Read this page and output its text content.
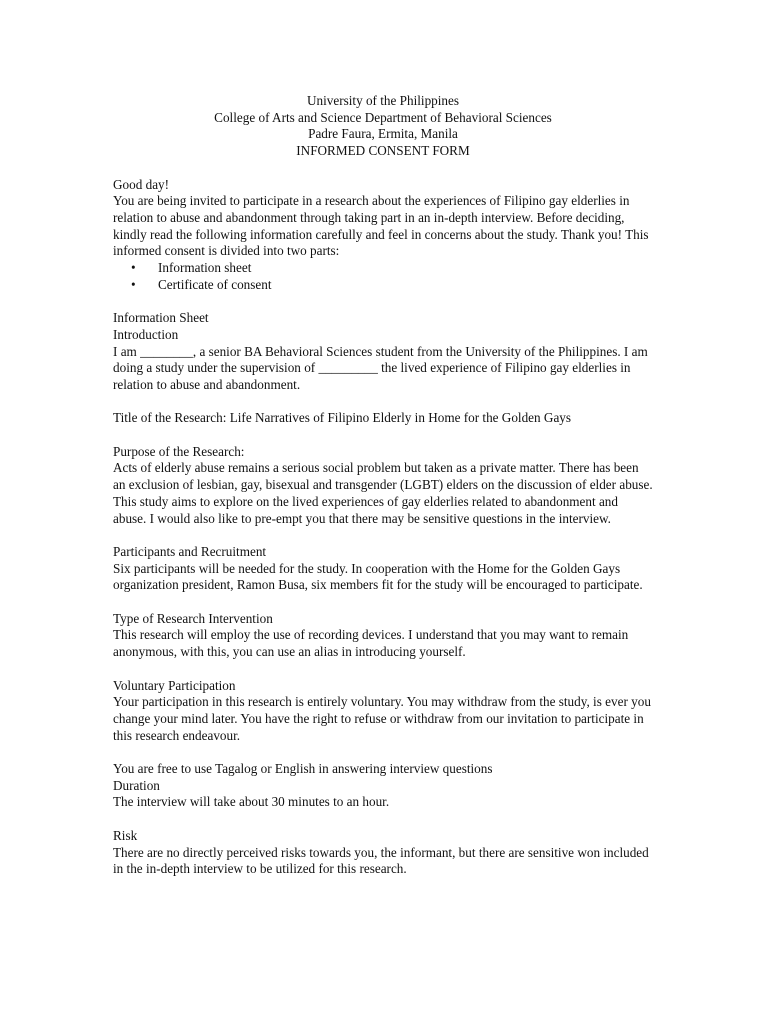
University of the Philippines
College of Arts and Science Department of Behavioral Sciences
Padre Faura, Ermita, Manila
INFORMED CONSENT FORM

Good day!

You are being invited to participate in a research about the experiences of Filipino gay elderlies in relation to abuse and abandonment through taking part in an in-depth interview. Before deciding, kindly read the following information carefully and feel in concerns about the study. Thank you! This informed consent is divided into two parts:

• Information sheet
• Certificate of consent

Information Sheet

Introduction

I am ________, a senior BA Behavioral Sciences student from the University of the Philippines. I am doing a study under the supervision of _________ the lived experience of Filipino gay elderlies in relation to abuse and abandonment.

Title of the Research: Life Narratives of Filipino Elderly in Home for the Golden Gays

Purpose of the Research:

Acts of elderly abuse remains a serious social problem but taken as a private matter. There has been an exclusion of lesbian, gay, bisexual and transgender (LGBT) elders on the discussion of elder abuse. This study aims to explore on the lived experiences of gay elderlies related to abandonment and abuse. I would also like to pre-empt you that there may be sensitive questions in the interview.

Participants and Recruitment

Six participants will be needed for the study. In cooperation with the Home for the Golden Gays organization president, Ramon Busa, six members fit for the study will be encouraged to participate.

Type of Research Intervention

This research will employ the use of recording devices. I understand that you may want to remain anonymous, with this, you can use an alias in introducing yourself.

Voluntary Participation

Your participation in this research is entirely voluntary. You may withdraw from the study, is ever you change your mind later. You have the right to refuse or withdraw from our invitation to participate in this research endeavour.

You are free to use Tagalog or English in answering interview questions

Duration

The interview will take about 30 minutes to an hour.

Risk

There are no directly perceived risks towards you, the informant, but there are sensitive won included in the in-depth interview to be utilized for this research.
